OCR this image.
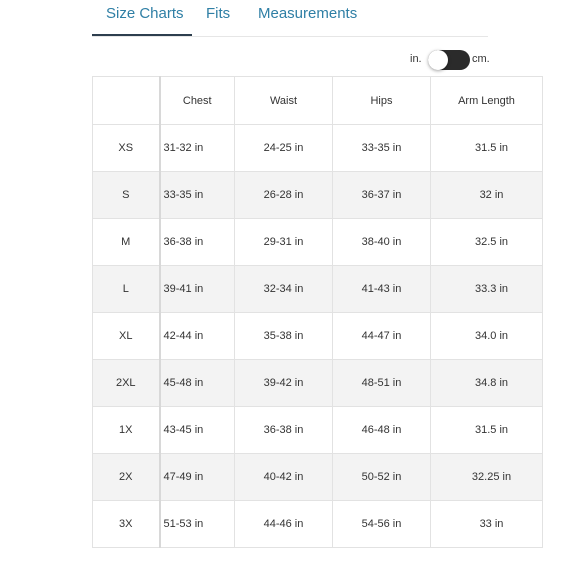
Size Charts Fits Measurements
in.	cm.
	Chest	Waist	Hips	Arm Length
XS	31-32 in	24-25 in	33-35 in	31.5 in
S	33-35 in	26-28 in	36-37 in	32 in
M	36-38 in	29-31 in	38-40 in	32.5 in
L	39-41 in	32-34 in	41-43 in	33.3 in
XL	42-44 in	35-38 in	44-47 in	34.0 in
2XL	45-48 in	39-42 in	48-51 in	34.8 in
1X	43-45 in	36-38 in	46-48 in	31.5 in
2X	47-49 in	40-42 in	50-52 in	32.25 in
3X	51-53 in	44-46 in	54-56 in	33 in
